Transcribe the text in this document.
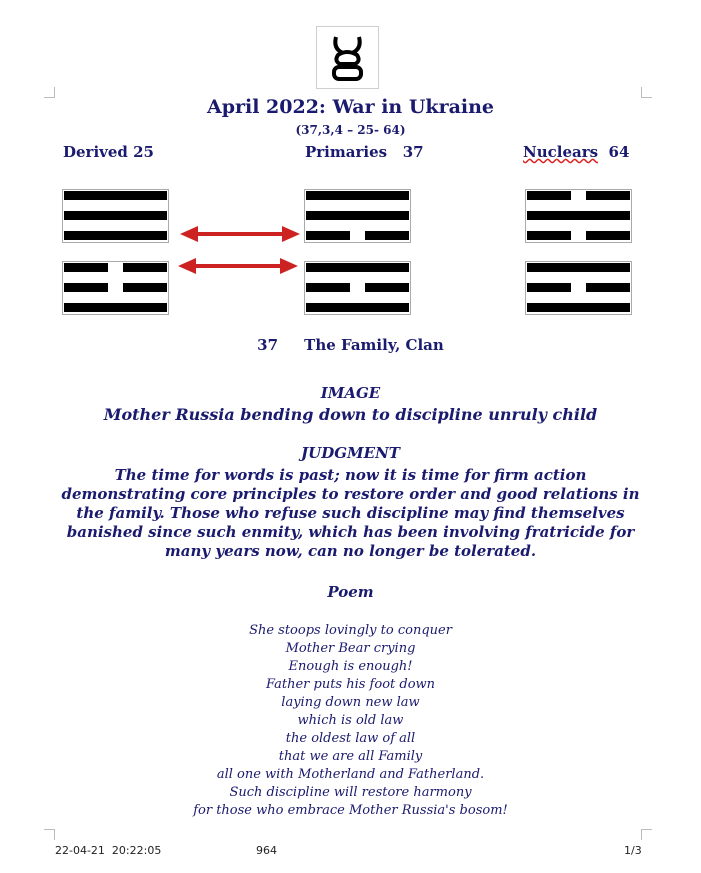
April 2022: War in Ukraine
(37,3,4 – 25- 64)
Derived 25	Primaries   37	Nuclears  64
37 The Family, Clan
IMAGE
Mother Russia bending down to discipline unruly child
JUDGMENT
The time for words is past; now it is time for firm action demonstrating core principles to restore order and good relations in the family. Those who refuse such discipline may find themselves banished since such enmity, which has been involving fratricide for many years now, can no longer be tolerated.
Poem
She stoops lovingly to conquer
Mother Bear crying
Enough is enough!
Father puts his foot down
laying down new law
which is old law
the oldest law of all
that we are all Family
all one with Motherland and Fatherland.
Such discipline will restore harmony
for those who embrace Mother Russia's bosom!
22-04-21  20:22:05	964	1/3
